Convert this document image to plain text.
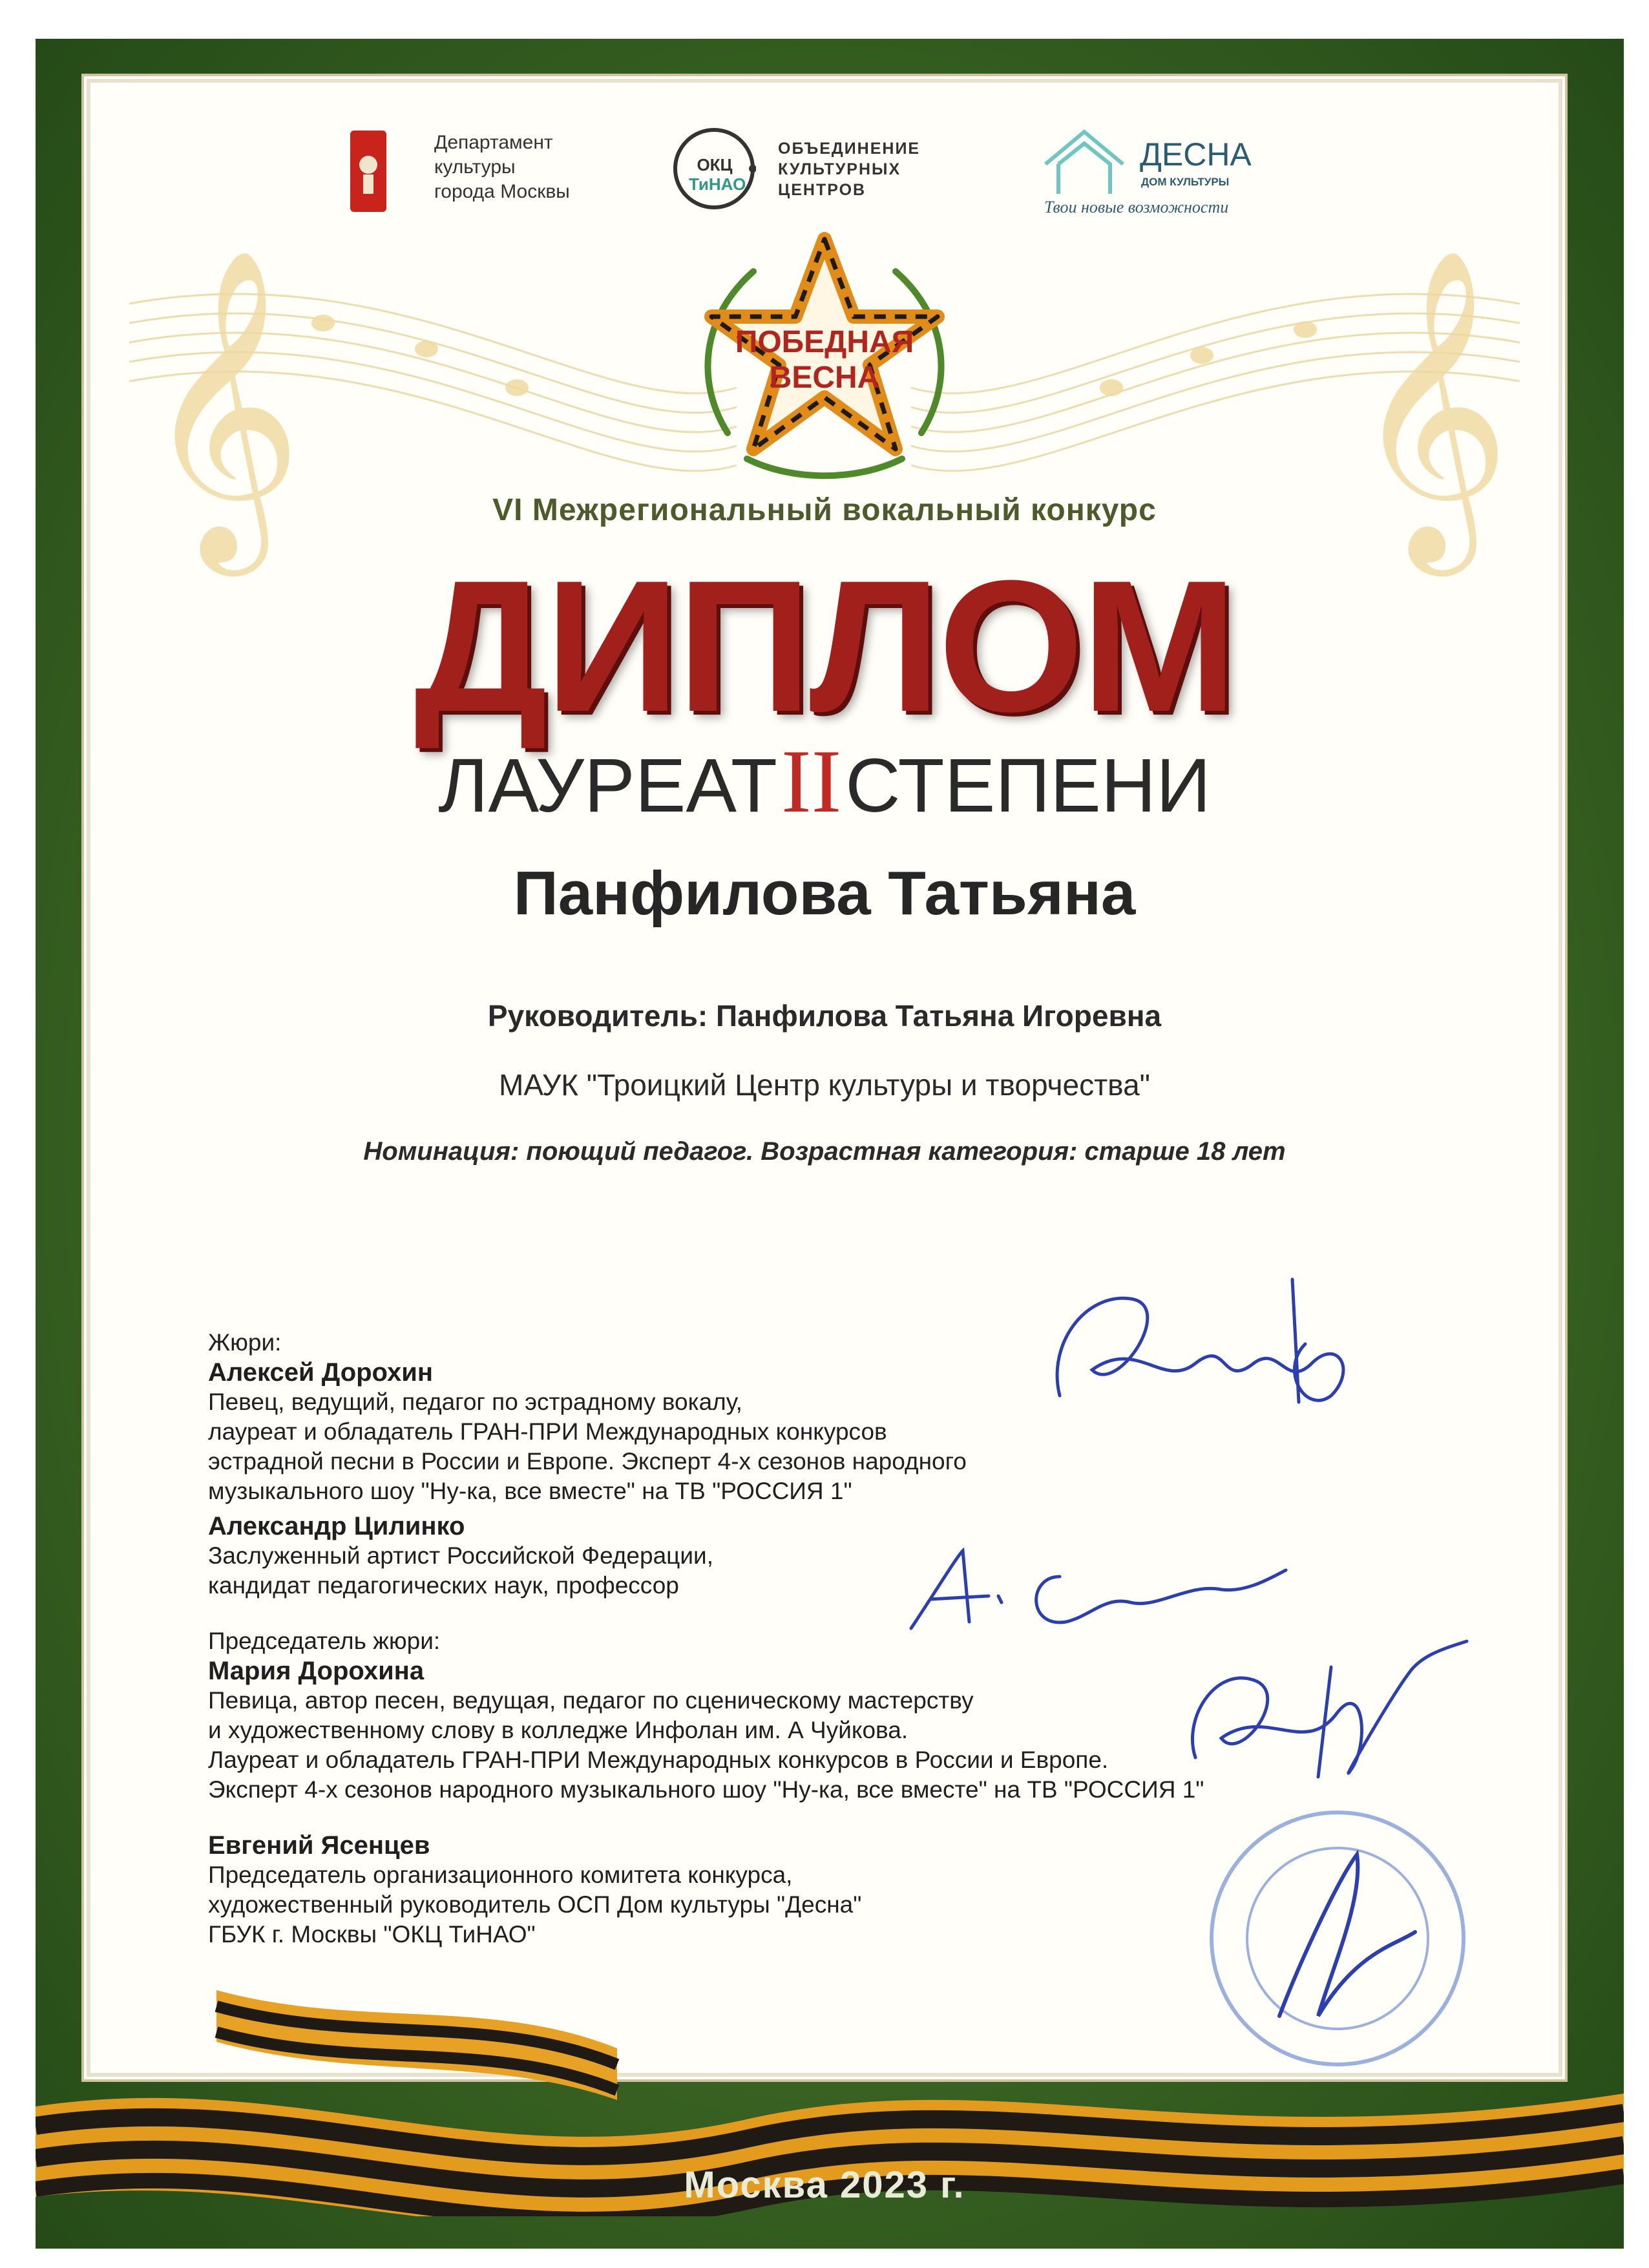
𝄞	𝄞
Департамент
культуры
города Москвы
ОКЦ
ТиНАО
ОБЪЕДИНЕНИЕ
КУЛЬТУРНЫХ
ЦЕНТРОВ
ДЕСНА
ДОМ КУЛЬТУРЫ
Твои новые возможности
ПОБЕДНАЯ
ВЕСНА
VI Межрегиональный вокальный конкурс
ДИПЛОМ
ЛАУРЕАТIIСТЕПЕНИ
Панфилова Татьяна
Руководитель: Панфилова Татьяна Игоревна
МАУК "Троицкий Центр культуры и творчества"
Номинация: поющий педагог. Возрастная категория: старше 18 лет
Жюри:
Алексей Дорохин
Певец, ведущий, педагог по эстрадному вокалу,
лауреат и обладатель ГРАН-ПРИ Международных конкурсов
эстрадной песни в России и Европе. Эксперт 4-х сезонов народного
музыкального шоу "Ну-ка, все вместе" на ТВ "РОССИЯ 1"
Александр Цилинко
Заслуженный артист Российской Федерации,
кандидат педагогических наук, профессор
Председатель жюри:
Мария Дорохина
Певица, автор песен, ведущая, педагог по сценическому мастерству
и художественному слову в колледже Инфолан им. А Чуйкова.
Лауреат и обладатель ГРАН-ПРИ Международных конкурсов в России и Европе.
Эксперт 4-х сезонов народного музыкального шоу "Ну-ка, все вместе" на ТВ "РОССИЯ 1"
Евгений Ясенцев
Председатель организационного комитета конкурса,
художественный руководитель ОСП Дом культуры "Десна"
ГБУК г. Москвы "ОКЦ ТиНАО"
Москва 2023 г.
